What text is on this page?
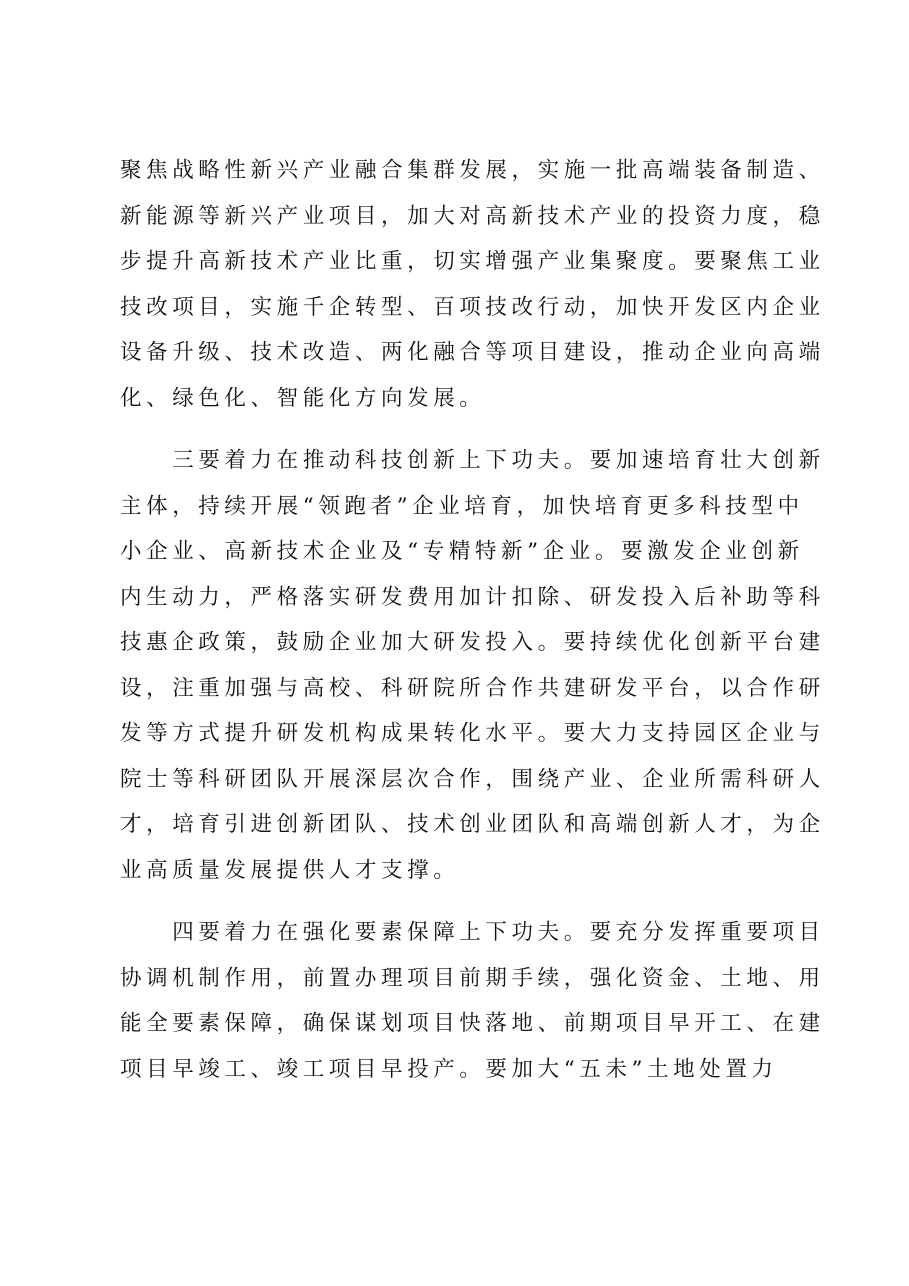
聚焦战略性新兴产业融合集群发展，实施一批高端装备制造、
新能源等新兴产业项目，加大对高新技术产业的投资力度，稳
步提升高新技术产业比重，切实增强产业集聚度。要聚焦工业
技改项目，实施千企转型、百项技改行动，加快开发区内企业
设备升级、技术改造、两化融合等项目建设，推动企业向高端
化、绿色化、智能化方向发展。
　　三要着力在推动科技创新上下功夫。要加速培育壮大创新
主体，持续开展“领跑者”企业培育，加快培育更多科技型中
小企业、高新技术企业及“专精特新”企业。要激发企业创新
内生动力，严格落实研发费用加计扣除、研发投入后补助等科
技惠企政策，鼓励企业加大研发投入。要持续优化创新平台建
设，注重加强与高校、科研院所合作共建研发平台，以合作研
发等方式提升研发机构成果转化水平。要大力支持园区企业与
院士等科研团队开展深层次合作，围绕产业、企业所需科研人
才，培育引进创新团队、技术创业团队和高端创新人才，为企
业高质量发展提供人才支撑。
　　四要着力在强化要素保障上下功夫。要充分发挥重要项目
协调机制作用，前置办理项目前期手续，强化资金、土地、用
能全要素保障，确保谋划项目快落地、前期项目早开工、在建
项目早竣工、竣工项目早投产。要加大“五未”土地处置力
